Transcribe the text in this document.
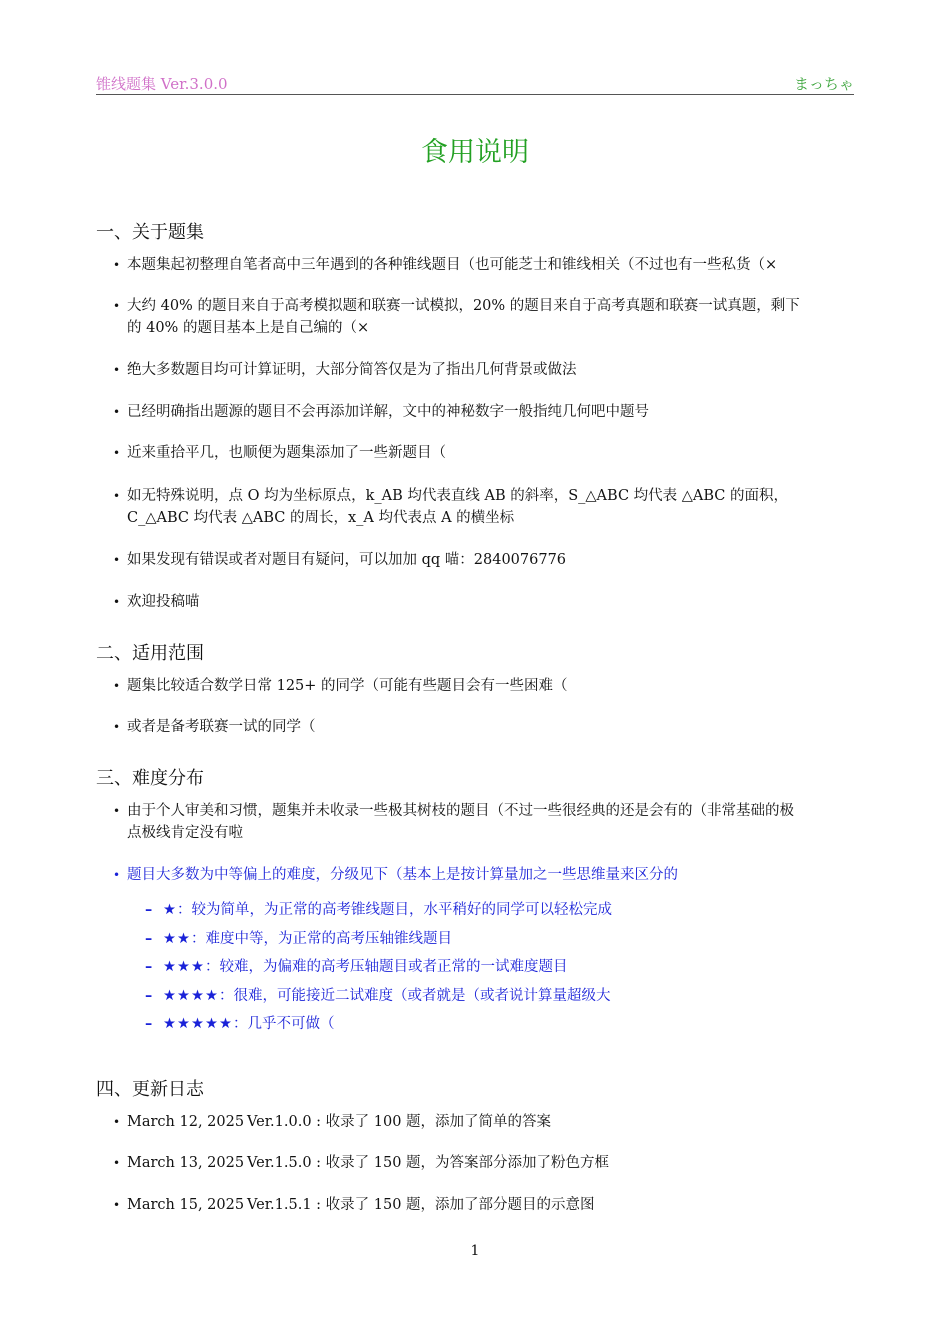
锥线题集 Ver.3.0.0	まっちゃ
食用说明
一、关于题集
• 本题集起初整理自笔者高中三年遇到的各种锥线题目（也可能芝士和锥线相关（不过也有一些私货（×
• 大约 40% 的题目来自于高考模拟题和联赛一试模拟，20% 的题目来自于高考真题和联赛一试真题，剩下
的 40% 的题目基本上是自己编的（×
• 绝大多数题目均可计算证明，大部分简答仅是为了指出几何背景或做法
• 已经明确指出题源的题目不会再添加详解，文中的神秘数字一般指纯几何吧中题号
• 近来重拾平几，也顺便为题集添加了一些新题目（
• 如无特殊说明，点 O 均为坐标原点，k_AB 均代表直线 AB 的斜率，S_△ABC 均代表 △ABC 的面积，
C_△ABC 均代表 △ABC 的周长，x_A 均代表点 A 的横坐标
• 如果发现有错误或者对题目有疑问，可以加加 qq 喵：2840076776
• 欢迎投稿喵
二、适用范围
• 题集比较适合数学日常 125+ 的同学（可能有些题目会有一些困难（
• 或者是备考联赛一试的同学（
三、难度分布
• 由于个人审美和习惯，题集并未收录一些极其树枝的题目（不过一些很经典的还是会有的（非常基础的极
点极线肯定没有啦
• 题目大多数为中等偏上的难度，分级见下（基本上是按计算量加之一些思维量来区分的
– ★：较为简单，为正常的高考锥线题目，水平稍好的同学可以轻松完成
– ★★：难度中等，为正常的高考压轴锥线题目
– ★★★：较难，为偏难的高考压轴题目或者正常的一试难度题目
– ★★★★：很难，可能接近二试难度（或者就是（或者说计算量超级大
– ★★★★★：几乎不可做（
四、更新日志
• March 12, 2025 Ver.1.0.0 : 收录了 100 题，添加了简单的答案
• March 13, 2025 Ver.1.5.0 : 收录了 150 题，为答案部分添加了粉色方框
• March 15, 2025 Ver.1.5.1 : 收录了 150 题，添加了部分题目的示意图
1
